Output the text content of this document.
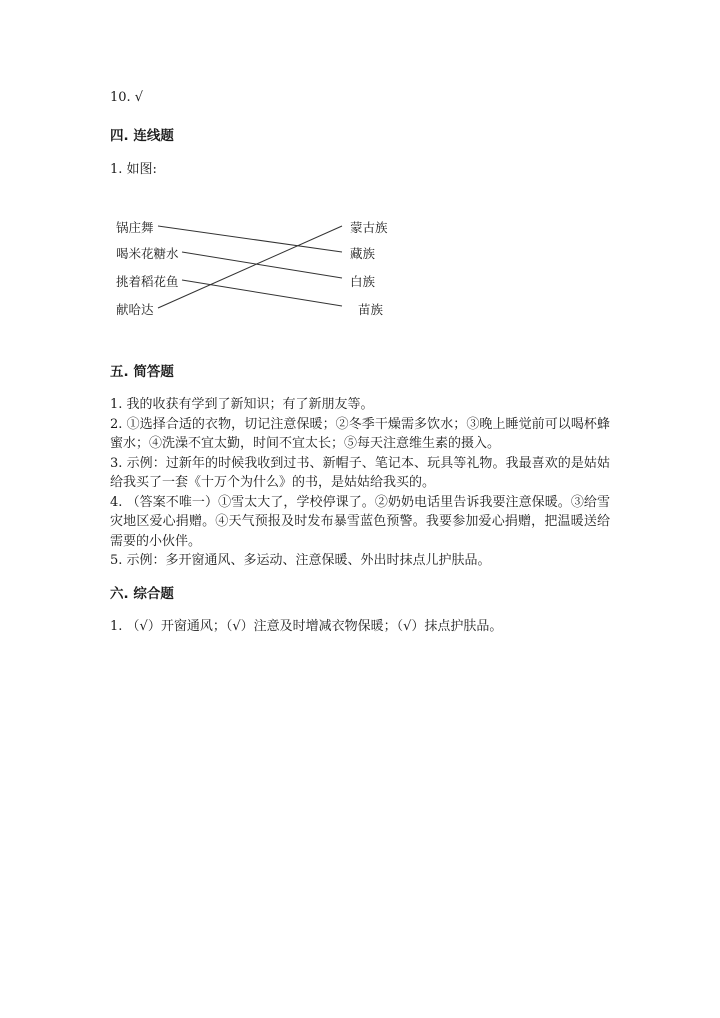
10. √
四. 连线题
1. 如图:
锅庄舞
喝米花糖水
挑着稻花鱼
献哈达
蒙古族
藏族
白族
苗族
五. 简答题

1. 我的收获有学到了新知识；有了新朋友等。

2. ①选择合适的衣物，切记注意保暖；②冬季干燥需多饮水；③晚上睡觉前可以喝杯蜂蜜水；④洗澡不宜太勤，时间不宜太长；⑤每天注意维生素的摄入。

3. 示例：过新年的时候我收到过书、新帽子、笔记本、玩具等礼物。我最喜欢的是姑姑给我买了一套《十万个为什么》的书，是姑姑给我买的。

4. （答案不唯一）①雪太大了，学校停课了。②奶奶电话里告诉我要注意保暖。③给雪灾地区爱心捐赠。④天气预报及时发布暴雪蓝色预警。我要参加爱心捐赠，把温暖送给需要的小伙伴。

5. 示例：多开窗通风、多运动、注意保暖、外出时抹点儿护肤品。

六. 综合题
1. （√）开窗通风；（√）注意及时增减衣物保暖；（√）抹点护肤品。
